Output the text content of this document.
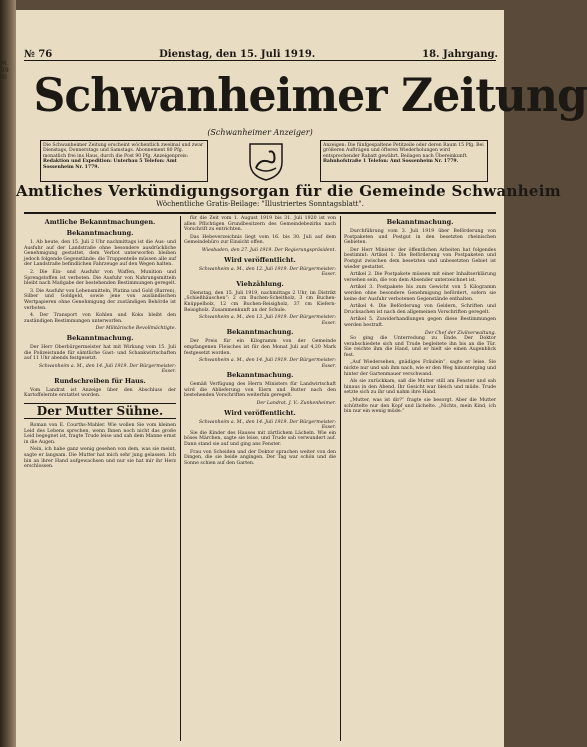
M. 59 Bi
№ 76	Dienstag, den 15. Juli 1919.	18. Jahrgang.
Schwanheimer Zeitung
(Schwanheimer Anzeiger)
Die Schwanheimer Zeitung erscheint wöchentlich zweimal und zwar Dienstags, Donnerstags und Samstags. Abonnement 80 Pfg. monatlich frei ins Haus, durch die Post 90 Pfg. Anzeigenpreis:
Redaktion und Expedition: Unterbau 5 Telefon: Amt Sossenheim Nr. 1779.
Anzeigen: Die fünfgespaltene Petitzeile oder deren Raum 15 Pfg. Bei größeren Aufträgen und öfteren Wiederholungen wird entsprechender Rabatt gewährt. Beilagen nach Übereinkunft.
Bahnhofstraße 1 Telefon: Amt Sossenheim Nr. 1779.
Amtliches Verkündigungsorgan für die Gemeinde Schwanheim
Wöchentliche Gratis-Beilage: "Illustriertes Sonntagsblatt".
Amtliche Bekanntmachungen.
Bekanntmachung.

1. Ab heute, den 15. Juli 2 Uhr nachmittags ist die Aus- und Ausfuhr auf der Landstraße ohne besondere ausdrückliche Genehmigung gestattet, dem Verbot unterworfen bleiben jedoch folgende Gegenstände: die Truppenteile müssen alle auf der Landstraße befindlichen Fahrzeuge auf den Wegen halten.

2. Die Ein- und Ausfuhr von Waffen, Munition und Sprengstoffen ist verboten. Die Ausfuhr von Nahrungsmitteln bleibt nach Maßgabe der bestehenden Bestimmungen geregelt.

3. Die Ausfuhr von Lebensmitteln, Platina und Gold (Barren), Silber und Goldgeld, sowie jene von ausländischen Wertpapieren ohne Genehmigung der zuständigen Behörde ist verboten.

4. Der Transport von Kohlen und Koks bleibt den zuständigen Bestimmungen unterworfen.

Der Militärische Bevollmächtigte.
Bekanntmachung.

Der Herr Oberbürgermeister hat mit Wirkung vom 15. Juli die Polizeistunde für sämtliche Gast- und Schankwirtschaften auf 11 Uhr abends festgesetzt.

Schwanheim a. M., den 14. Juli 1919. Der Bürgermeister: Esser.
Rundschreiben für Haus.

Vom Landrat ist Anzeige über den Abschluss der Kartoffelernte erstattet worden.

Der Mutter Sühne.

Roman von E. Courths-Mahler. Wie wollen Sie vom kleinen Leid des Lebens sprechen, wenn Ihnen noch nicht das große Leid begegnet ist, fragte Trude leise und sah dem Manne ernst in die Augen.

Nein, ich habe ganz wenig gesehen von dem, was sie meint, sagte er langsam. Die Mutter hat mich sehr jung gelassen. Ich bin an ihrer Hand aufgewachsen und nur sie hat mir ihr Herz erschlossen.

für die Zeit vom 1. August 1919 bis 31. Juli 1920 ist von allen Pflichtigen Grundbesitzern des Gemeindebezirks nach Vorschrift zu entrichten.

Das Hebeverzeichnis liegt vom 16. bis 30. Juli auf dem Gemeindebüro zur Einsicht offen.

Wiesbaden, den 27. Juli 1919. Der Regierungspräsident.
Wird veröffentlicht.
Schwanheim a. M., den 12. Juli 1919. Der Bürgermeister: Esser.
Viehzählung.

Dienstag, den 15. Juli 1919, nachmittags 2 Uhr, im Distrikt „Schießhäuschen“: 2 cm Buchen-Scheitholz, 3 cm Buchen-Knüppelholz, 12 cm Buchen-Reisigholz, 37 cm Kiefern-Reisigholz. Zusammenkunft an der Schule.

Schwanheim a. M., den 13. Juli 1919. Der Bürgermeister: Esser.
Bekanntmachung.

Der Preis für ein Kilogramm von der Gemeinde empfangenen Fleisches ist für den Monat Juli auf 4,20 Mark festgesetzt worden.

Schwanheim a. M., den 14. Juli 1919. Der Bürgermeister: Esser.
Bekanntmachung.

Gemäß Verfügung des Herrn Ministers für Landwirtschaft wird die Ablieferung von Eiern und Butter nach den bestehenden Vorschriften weiterhin geregelt.

Der Landrat. J. V.: Zunkenheimer.
Wird veröffentlicht.
Schwanheim a. M., den 14. Juli 1919. Der Bürgermeister: Esser.

Sie die Kinder des Hauses mit zärtlichem Lächeln. Wie ein böses Märchen, sagte sie leise, und Trude sah verwundert auf. Dann stand sie auf und ging ans Fenster.

Frau von Scheiden und der Doktor sprachen weiter von den Dingen, die sie beide angingen. Der Tag war schön und die Sonne schien auf den Garten.

Bekanntmachung.

Durchführung vom 3. Juli 1919 über Beförderung von Postpaketen und Postgut in den besetzten rheinischen Gebieten.

Der Herr Minister der öffentlichen Arbeiten hat folgendes bestimmt: Artikel 1. Die Beförderung von Postpaketen und Postgut zwischen dem besetzten und unbesetzten Gebiet ist wieder gestattet.

Artikel 2. Die Postpakete müssen mit einer Inhaltserklärung versehen sein, die von dem Absender unterzeichnet ist.

Artikel 3. Postpakete bis zum Gewicht von 5 Kilogramm werden ohne besondere Genehmigung befördert, sofern sie keine der Ausfuhr verbotenen Gegenstände enthalten.

Artikel 4. Die Beförderung von Geldern, Schriften und Drucksachen ist nach den allgemeinen Vorschriften geregelt.

Artikel 5. Zuwiderhandlungen gegen diese Bestimmungen werden bestraft.

Der Chef der Zivilverwaltung.

So ging die Unterredung zu Ende. Der Doktor verabschiedete sich und Trude begleitete ihn bis an die Tür. Sie reichte ihm die Hand, und er hielt sie einen Augenblick fest.

„Auf Wiedersehen, gnädiges Fräulein“, sagte er leise. Sie nickte nur und sah ihm nach, wie er den Weg hinunterging und hinter der Gartenmauer verschwand.

Als sie zurückkam, saß die Mutter still am Fenster und sah hinaus in den Abend. Ihr Gesicht war bleich und müde. Trude setzte sich zu ihr und nahm ihre Hand.

„Mutter, was ist dir?“ fragte sie besorgt. Aber die Mutter schüttelte nur den Kopf und lächelte. „Nichts, mein Kind, ich bin nur ein wenig müde.“
